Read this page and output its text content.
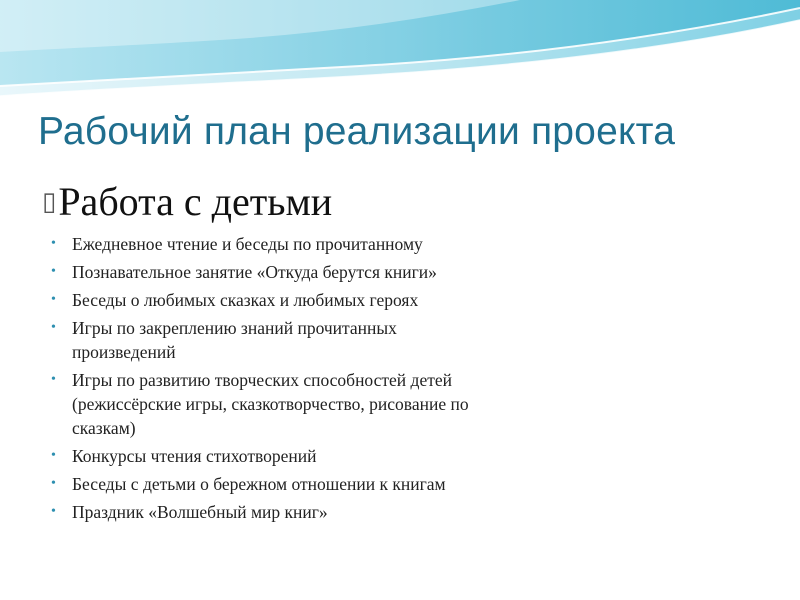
Рабочий план реализации проекта
▯ Работа с детьми
• Ежедневное чтение и беседы по прочитанному
• Познавательное занятие «Откуда берутся книги»
• Беседы о любимых сказках и любимых героях
• Игры по закреплению знаний прочитанных произведений
• Игры по развитию творческих способностей детей (режиссёрские игры, сказкотворчество, рисование по сказкам)
• Конкурсы чтения стихотворений
• Беседы с детьми о бережном отношении к книгам
• Праздник «Волшебный мир книг»
